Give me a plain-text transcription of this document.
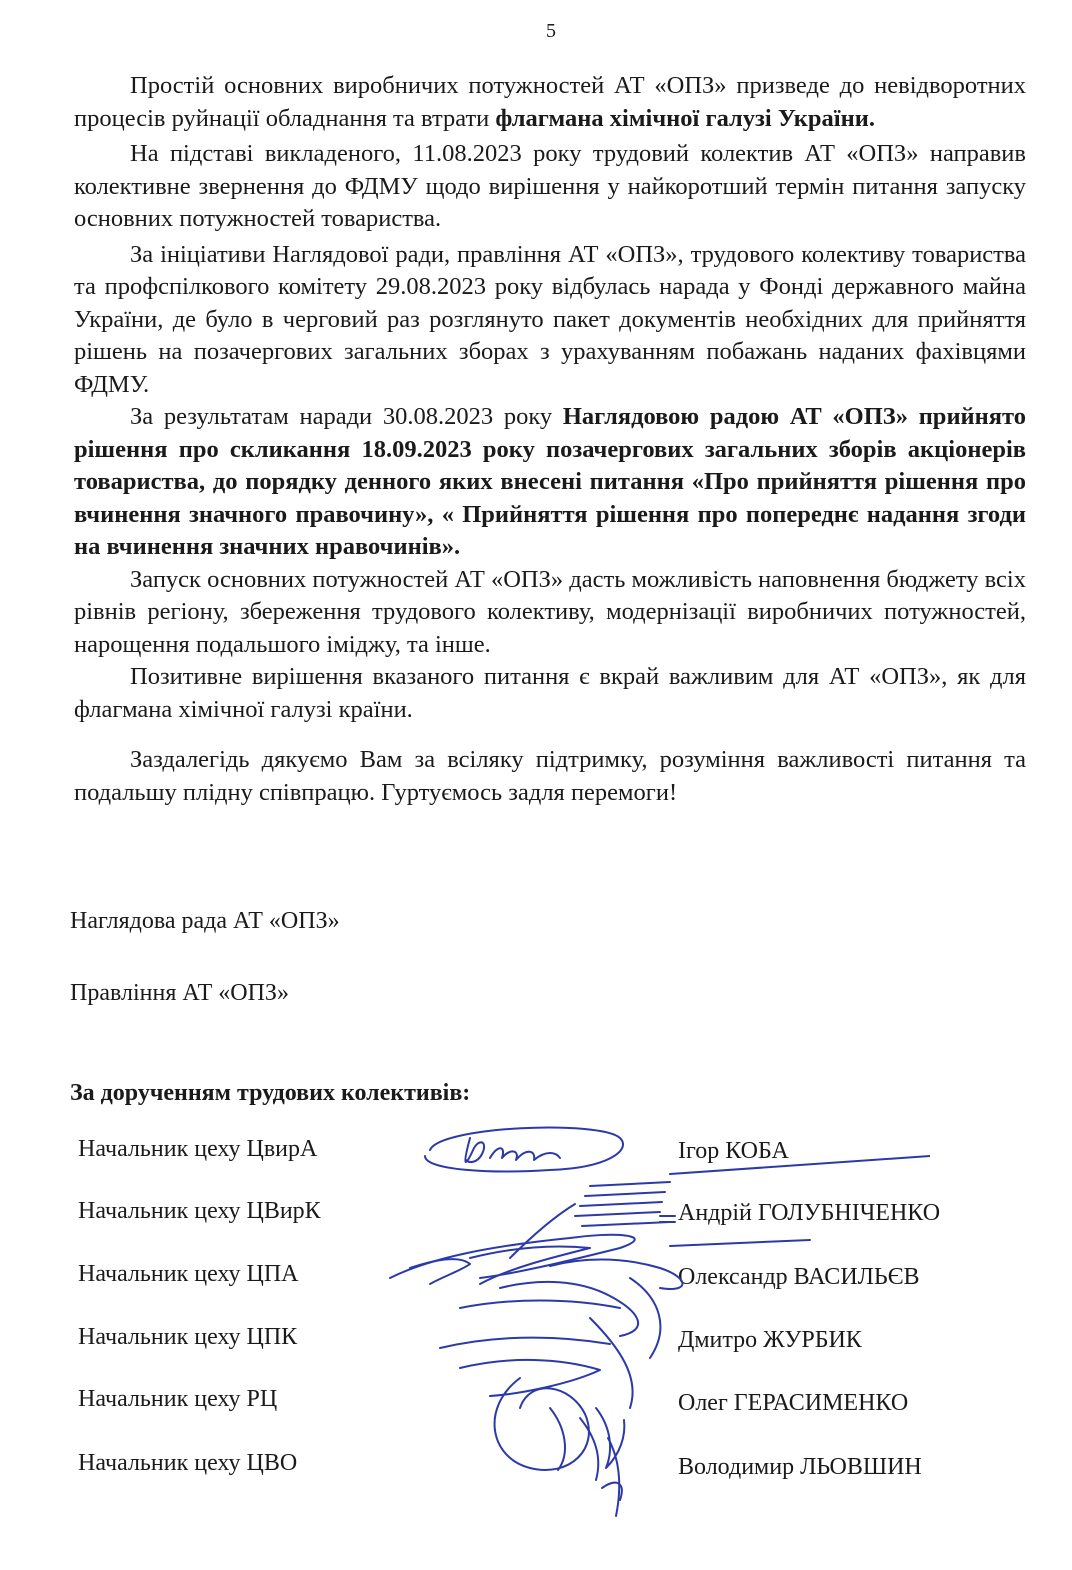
5

Простій основних виробничих потужностей АТ «ОПЗ» призведе до невідворотних процесів руйнації обладнання та втрати флагмана хімічної галузі України.

На підставі викладеного, 11.08.2023 року трудовий колектив АТ «ОПЗ» направив колективне звернення до ФДМУ щодо вирішення у найкоротший термін питання запуску основних потужностей товариства.

За ініціативи Наглядової ради, правління АТ «ОПЗ», трудового колективу товариства та профспілкового комітету 29.08.2023 року відбулась нарада у Фонді державного майна України, де було в черговий раз розглянуто пакет документів необхідних для прийняття рішень на позачергових загальних зборах з урахуванням побажань наданих фахівцями ФДМУ.

За результатам наради 30.08.2023 року Наглядовою радою АТ «ОПЗ» прийнято рішення про скликання 18.09.2023 року позачергових загальних зборів акціонерів товариства, до порядку денного яких внесені питання «Про прийняття рішення про вчинення значного правочину», « Прийняття рішення про попереднє надання згоди на вчинення значних нравочинів».

Запуск основних потужностей АТ «ОПЗ» дасть можливість наповнення бюджету всіх рівнів регіону, збереження трудового колективу, модернізації виробничих потужностей, нарощення подальшого іміджу, та інше.

Позитивне вирішення вказаного питання є вкрай важливим для АТ «ОПЗ», як для флагмана хімічної галузі країни.

Заздалегідь дякуємо Вам за всіляку підтримку, розуміння важливості питання та подальшу плідну співпрацю. Гуртуємось задля перемоги!

Наглядова рада АТ «ОПЗ»
Правління АТ «ОПЗ»
За дорученням трудових колективів:
Начальник цеху ЦвирА	Ігор КОБА
Начальник цеху ЦВирК	Андрій ГОЛУБНІЧЕНКО
Начальник цеху ЦПА	Олександр ВАСИЛЬЄВ
Начальник цеху ЦПК	Дмитро ЖУРБИК
Начальник цеху РЦ	Олег ГЕРАСИМЕНКО
Начальник цеху ЦВО	Володимир ЛЬОВШИН
